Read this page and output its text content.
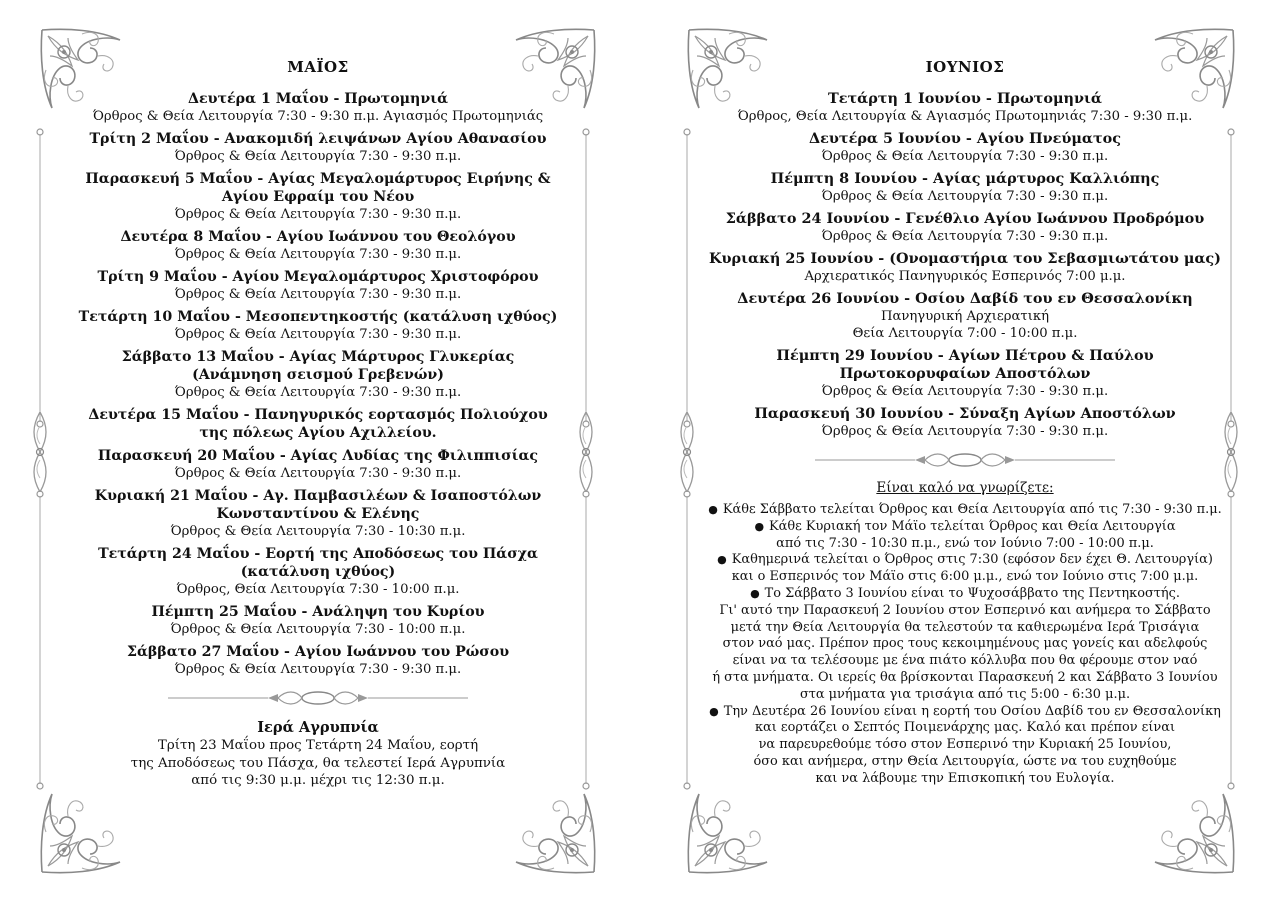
ΜΑΪΟΣ
Δευτέρα 1 Μαΐου - Πρωτομηνιά
Όρθρος & Θεία Λειτουργία 7:30 - 9:30 π.μ. Αγιασμός Πρωτομηνιάς
Τρίτη 2 Μαΐου - Ανακομιδή λειψάνων Αγίου Αθανασίου
Όρθρος & Θεία Λειτουργία 7:30 - 9:30 π.μ.
Παρασκευή 5 Μαΐου - Αγίας Μεγαλομάρτυρος Ειρήνης &
Αγίου Εφραίμ του Νέου
Όρθρος & Θεία Λειτουργία 7:30 - 9:30 π.μ.
Δευτέρα 8 Μαΐου - Αγίου Ιωάννου του Θεολόγου
Όρθρος & Θεία Λειτουργία 7:30 - 9:30 π.μ.
Τρίτη 9 Μαΐου - Αγίου Μεγαλομάρτυρος Χριστοφόρου
Όρθρος & Θεία Λειτουργία 7:30 - 9:30 π.μ.
Τετάρτη 10 Μαΐου - Μεσοπεντηκοστής (κατάλυση ιχθύος)
Όρθρος & Θεία Λειτουργία 7:30 - 9:30 π.μ.
Σάββατο 13 Μαΐου - Αγίας Μάρτυρος Γλυκερίας
(Ανάμνηση σεισμού Γρεβενών)
Όρθρος & Θεία Λειτουργία 7:30 - 9:30 π.μ.
Δευτέρα 15 Μαΐου - Πανηγυρικός εορτασμός Πολιούχου
της πόλεως Αγίου Αχιλλείου.
Παρασκευή 20 Μαΐου - Αγίας Λυδίας της Φιλιππισίας
Όρθρος & Θεία Λειτουργία 7:30 - 9:30 π.μ.
Κυριακή 21 Μαΐου - Αγ. Παμβασιλέων & Ισαποστόλων
Κωνσταντίνου & Ελένης
Όρθρος & Θεία Λειτουργία 7:30 - 10:30 π.μ.
Τετάρτη 24 Μαΐου - Εορτή της Αποδόσεως του Πάσχα
(κατάλυση ιχθύος)
Όρθρος, Θεία Λειτουργία 7:30 - 10:00 π.μ.
Πέμπτη 25 Μαΐου - Ανάληψη του Κυρίου
Όρθρος & Θεία Λειτουργία 7:30 - 10:00 π.μ.
Σάββατο 27 Μαΐου - Αγίου Ιωάννου του Ρώσου
Όρθρος & Θεία Λειτουργία 7:30 - 9:30 π.μ.
Ιερά Αγρυπνία
Τρίτη 23 Μαΐου προς Τετάρτη 24 Μαΐου, εορτή
της Αποδόσεως του Πάσχα, θα τελεστεί Ιερά Αγρυπνία
από τις 9:30 μ.μ. μέχρι τις 12:30 π.μ.
ΙΟΥΝΙΟΣ
Τετάρτη 1 Ιουνίου - Πρωτομηνιά
Όρθρος, Θεία Λειτουργία & Αγιασμός Πρωτομηνιάς 7:30 - 9:30 π.μ.
Δευτέρα 5 Ιουνίου - Αγίου Πνεύματος
Όρθρος & Θεία Λειτουργία 7:30 - 9:30 π.μ.
Πέμπτη 8 Ιουνίου - Αγίας μάρτυρος Καλλιόπης
Όρθρος & Θεία Λειτουργία 7:30 - 9:30 π.μ.
Σάββατο 24 Ιουνίου - Γενέθλιο Αγίου Ιωάννου Προδρόμου
Όρθρος & Θεία Λειτουργία 7:30 - 9:30 π.μ.
Κυριακή 25 Ιουνίου - (Ονομαστήρια του Σεβασμιωτάτου μας)
Αρχιερατικός Πανηγυρικός Εσπερινός 7:00 μ.μ.
Δευτέρα 26 Ιουνίου - Οσίου Δαβίδ του εν Θεσσαλονίκη
Πανηγυρική Αρχιερατική
Θεία Λειτουργία 7:00 - 10:00 π.μ.
Πέμπτη 29 Ιουνίου - Αγίων Πέτρου & Παύλου
Πρωτοκορυφαίων Αποστόλων
Όρθρος & Θεία Λειτουργία 7:30 - 9:30 π.μ.
Παρασκευή 30 Ιουνίου - Σύναξη Αγίων Αποστόλων
Όρθρος & Θεία Λειτουργία 7:30 - 9:30 π.μ.
Είναι καλό να γνωρίζετε:
● Κάθε Σάββατο τελείται Όρθρος και Θεία Λειτουργία από τις 7:30 - 9:30 π.μ.
● Κάθε Κυριακή τον Μάϊο τελείται Όρθρος και Θεία Λειτουργία
από τις 7:30 - 10:30 π.μ., ενώ τον Ιούνιο 7:00 - 10:00 π.μ.
● Καθημερινά τελείται ο Όρθρος στις 7:30 (εφόσον δεν έχει Θ. Λειτουργία)
και ο Εσπερινός τον Μάϊο στις 6:00 μ.μ., ενώ τον Ιούνιο στις 7:00 μ.μ.
● Το Σάββατο 3 Ιουνίου είναι το Ψυχοσάββατο της Πεντηκοστής.
Γι' αυτό την Παρασκευή 2 Ιουνίου στον Εσπερινό και ανήμερα το Σάββατο
μετά την Θεία Λειτουργία θα τελεστούν τα καθιερωμένα Ιερά Τρισάγια
στον ναό μας. Πρέπον προς τους κεκοιμημένους μας γονείς και αδελφούς
είναι να τα τελέσουμε με ένα πιάτο κόλλυβα που θα φέρουμε στον ναό
ή στα μνήματα. Οι ιερείς θα βρίσκονται Παρασκευή 2 και Σάββατο 3 Ιουνίου
στα μνήματα για τρισάγια από τις 5:00 - 6:30 μ.μ.
● Την Δευτέρα 26 Ιουνίου είναι η εορτή του Οσίου Δαβίδ του εν Θεσσαλονίκη
και εορτάζει ο Σεπτός Ποιμενάρχης μας. Καλό και πρέπον είναι
να παρευρεθούμε τόσο στον Εσπερινό την Κυριακή 25 Ιουνίου,
όσο και ανήμερα, στην Θεία Λειτουργία, ώστε να του ευχηθούμε
και να λάβουμε την Επισκοπική του Ευλογία.
